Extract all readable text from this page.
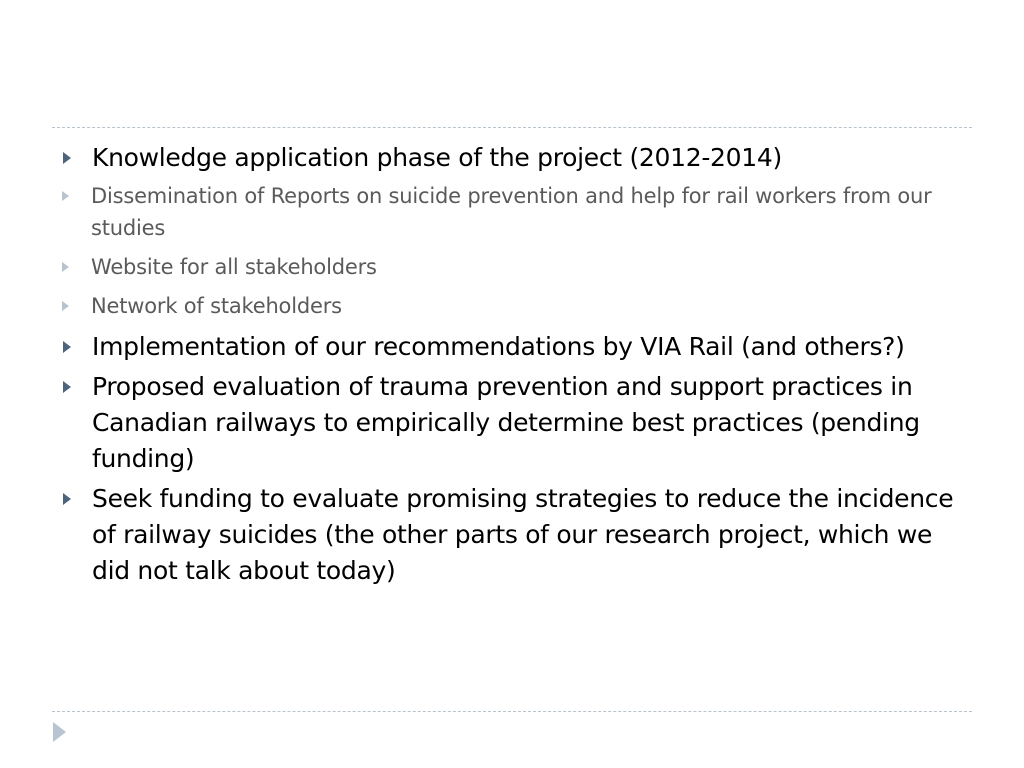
Knowledge application phase of the project (2012-2014)
Dissemination of Reports on suicide prevention and help for rail workers from our studies
Website for all stakeholders
Network of stakeholders
Implementation of our recommendations by VIA Rail (and others?)
Proposed evaluation of trauma prevention and support practices in Canadian railways to empirically determine best practices (pending funding)
Seek funding to evaluate promising strategies to reduce the incidence of railway suicides (the other parts of our research project, which we did not talk about today)
